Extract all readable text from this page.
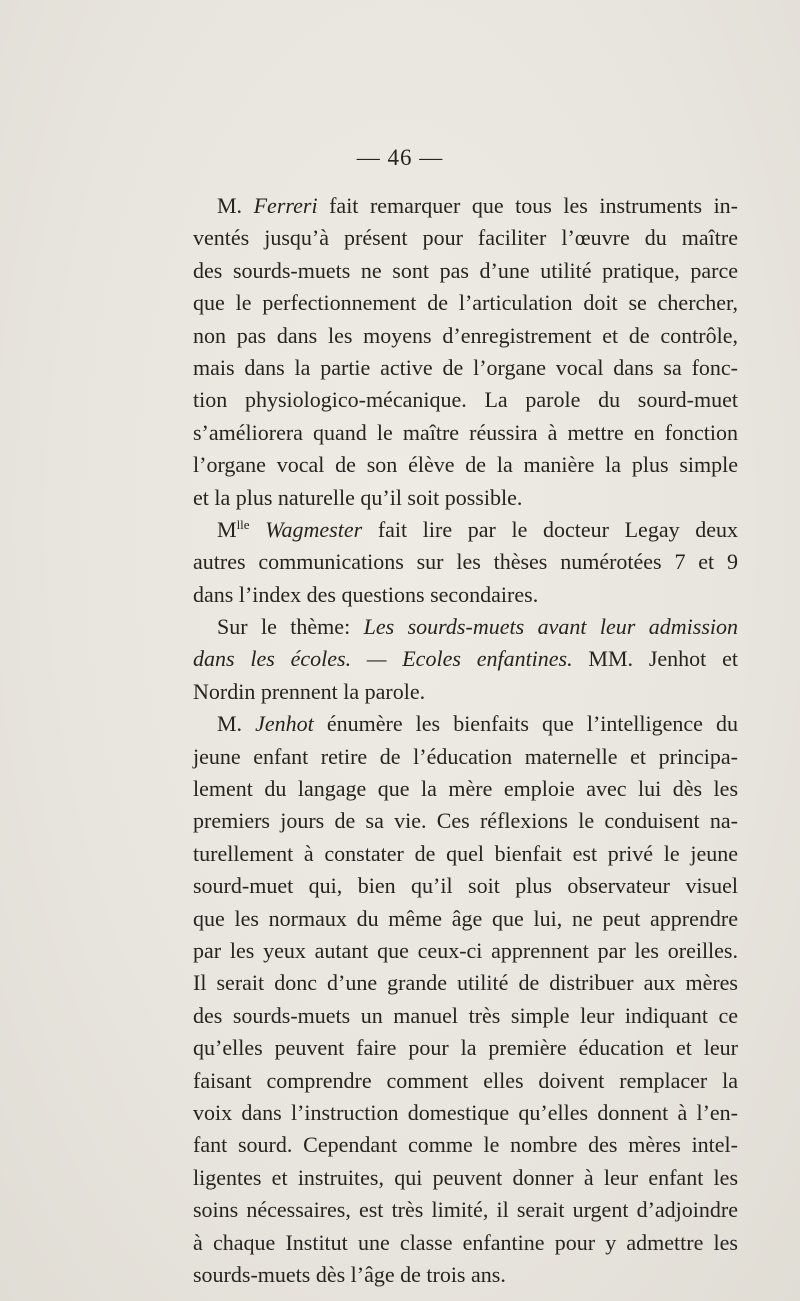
— 46 —
M. Ferreri fait remarquer que tous les instruments in-
ventés jusqu’à présent pour faciliter l’œuvre du maître
des sourds-muets ne sont pas d’une utilité pratique, parce
que le perfectionnement de l’articulation doit se chercher,
non pas dans les moyens d’enregistrement et de contrôle,
mais dans la partie active de l’organe vocal dans sa fonc-
tion physiologico-mécanique. La parole du sourd-muet
s’améliorera quand le maître réussira à mettre en fonction
l’organe vocal de son élève de la manière la plus simple
et la plus naturelle qu’il soit possible.
$M^{lle}$ Wagmester fait lire par le docteur Legay deux
autres communications sur les thèses numérotées 7 et 9
dans l’index des questions secondaires.
Sur le thème: Les sourds-muets avant leur admission
dans les écoles. — Ecoles enfantines. MM. Jenhot et
Nordin prennent la parole.
M. Jenhot énumère les bienfaits que l’intelligence du
jeune enfant retire de l’éducation maternelle et principa-
lement du langage que la mère emploie avec lui dès les
premiers jours de sa vie. Ces réflexions le conduisent na-
turellement à constater de quel bienfait est privé le jeune
sourd-muet qui, bien qu’il soit plus observateur visuel
que les normaux du même âge que lui, ne peut apprendre
par les yeux autant que ceux-ci apprennent par les oreilles.
Il serait donc d’une grande utilité de distribuer aux mères
des sourds-muets un manuel très simple leur indiquant ce
qu’elles peuvent faire pour la première éducation et leur
faisant comprendre comment elles doivent remplacer la
voix dans l’instruction domestique qu’elles donnent à l’en-
fant sourd. Cependant comme le nombre des mères intel-
ligentes et instruites, qui peuvent donner à leur enfant les
soins nécessaires, est très limité, il serait urgent d’adjoindre
à chaque Institut une classe enfantine pour y admettre les
sourds-muets dès l’âge de trois ans.
